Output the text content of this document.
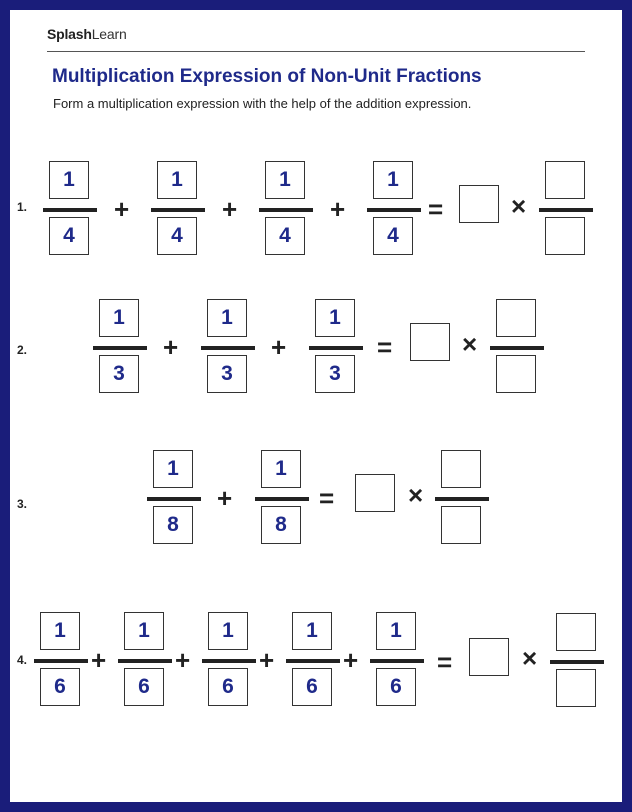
SplashLearn
Multiplication Expression of Non-Unit Fractions
Form a multiplication expression with the help of the addition expression.
1. $\frac{1}{4} + \frac{1}{4} + \frac{1}{4} + \frac{1}{4}$ =	×
2.	$\frac{1}{3} + \frac{1}{3} + \frac{1}{3}$ =	×
3.	$\frac{1}{8} + \frac{1}{8}$ =	×
4. $\frac{1}{6} + \frac{1}{6} + \frac{1}{6} + \frac{1}{6} + \frac{1}{6}$ =	×
